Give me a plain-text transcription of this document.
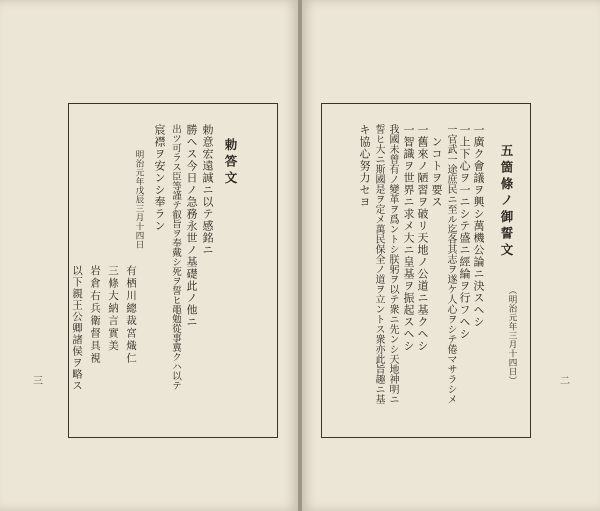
勅答文
勅意宏遠誠ニ以テ感銘ニ
勝ヘス今日ノ急務永世ノ基礎此ノ他ニ
出ツ可ラス臣等謹テ叡旨ヲ奉戴シ死ヲ誓ヒ黽勉從事冀クハ以テ
宸襟ヲ安ンシ奉ラン
明治元年戊辰三月十四日
有栖川總裁宮熾仁
三條大納言實美
岩倉右兵衛督具視
以下親王公卿諸侯ヲ略ス
三
五箇條ノ御誓文
（明治元年三月十四日）
一廣ク會議ヲ興シ萬機公論ニ決スヘシ
一上下心ヲ一ニシテ盛ニ經綸ヲ行フヘシ
一官武一途庶民ニ至ル迄各其志ヲ遂ケ人心ヲシテ倦マサラシメ
ンコトヲ要ス
一舊來ノ陋習ヲ破リ天地ノ公道ニ基クヘシ
一智識ヲ世界ニ求メ大ニ皇基ヲ振起スヘシ
我國未曾有ノ變革ヲ爲ントシ朕躬ヲ以テ衆ニ先ンシ天地神明ニ
誓ヒ大ニ斯國是ヲ定メ萬民保全ノ道ヲ立ントス衆亦此旨趣ニ基
キ協心努力セヨ
二
